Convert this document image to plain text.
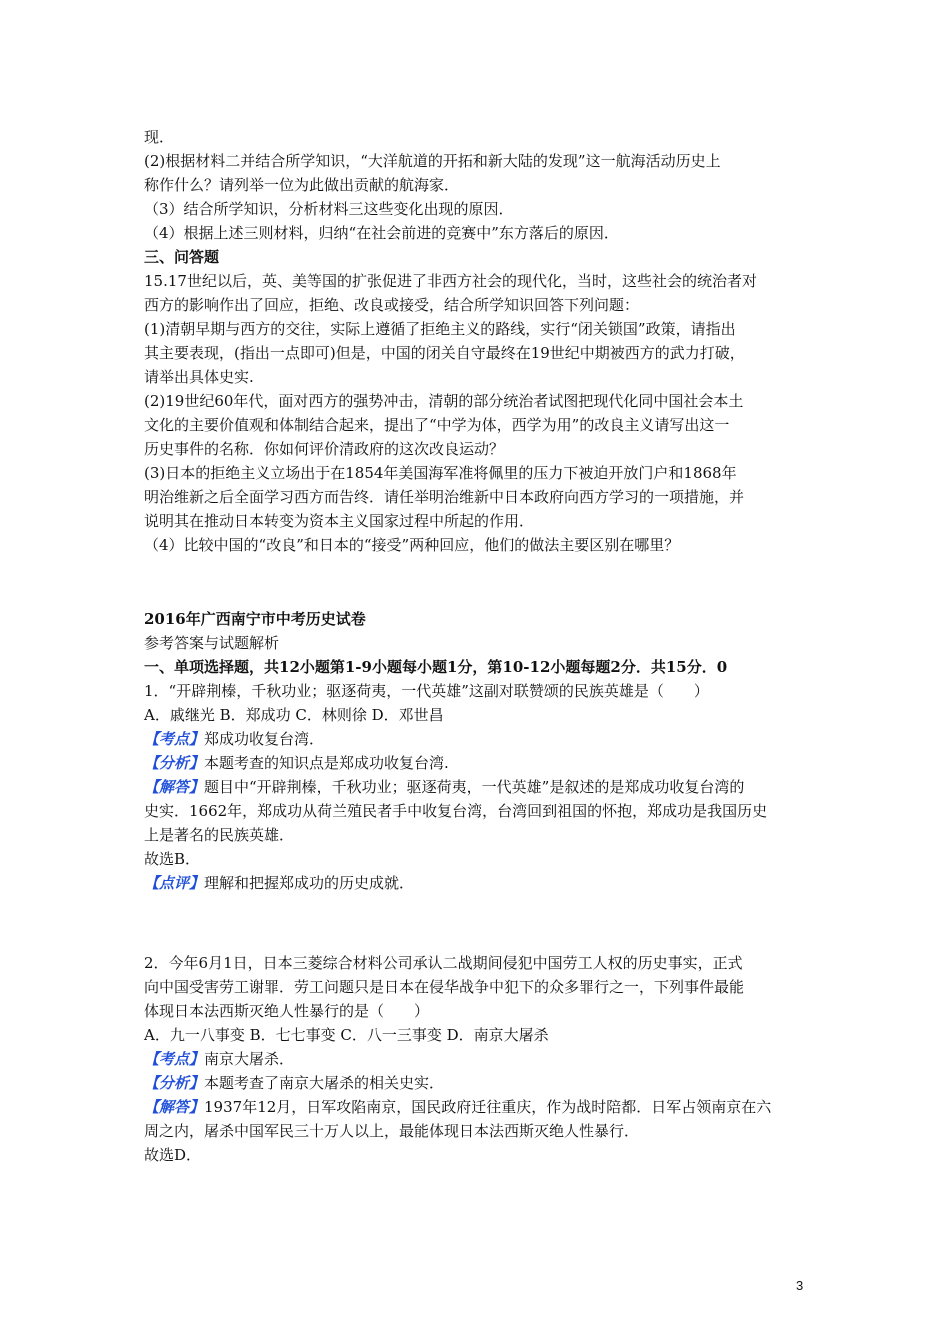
现．
(2)根据材料二并结合所学知识，“大洋航道的开拓和新大陆的发现”这一航海活动历史上
称作什么？请列举一位为此做出贡献的航海家．
（3）结合所学知识，分析材料三这些变化出现的原因．
（4）根据上述三则材料，归纳“在社会前进的竞赛中”东方落后的原因．
三、问答题
15.17世纪以后，英、美等国的扩张促进了非西方社会的现代化，当时，这些社会的统治者对
西方的影响作出了回应，拒绝、改良或接受，结合所学知识回答下列问题：
(1)清朝早期与西方的交往，实际上遵循了拒绝主义的路线，实行“闭关锁国”政策，请指出
其主要表现，(指出一点即可)但是，中国的闭关自守最终在19世纪中期被西方的武力打破，
请举出具体史实.
(2)19世纪60年代，面对西方的强势冲击，清朝的部分统治者试图把现代化同中国社会本土
文化的主要价值观和体制结合起来，提出了“中学为体，西学为用”的改良主义请写出这一
历史事件的名称．你如何评价清政府的这次改良运动？
(3)日本的拒绝主义立场出于在1854年美国海军准将佩里的压力下被迫开放门户和1868年
明治维新之后全面学习西方而告终．请任举明治维新中日本政府向西方学习的一项措施，并
说明其在推动日本转变为资本主义国家过程中所起的作用．
（4）比较中国的“改良”和日本的“接受”两种回应，他们的做法主要区别在哪里？
2016年广西南宁市中考历史试卷
参考答案与试题解析
一、单项选择题，共12小题第1-9小题每小题1分，第10-12小题每题2分．共15分．0
1．“开辟荆榛，千秋功业；驱逐荷夷，一代英雄”这副对联赞颂的民族英雄是（　　）
A．戚继光 B．郑成功 C．林则徐 D．邓世昌
【考点】郑成功收复台湾．
【分析】本题考查的知识点是郑成功收复台湾.
【解答】题目中“开辟荆榛，千秋功业；驱逐荷夷，一代英雄”是叙述的是郑成功收复台湾的
史实．1662年，郑成功从荷兰殖民者手中收复台湾，台湾回到祖国的怀抱，郑成功是我国历史
上是著名的民族英雄．
故选B．
【点评】理解和把握郑成功的历史成就．
2．今年6月1日，日本三菱综合材料公司承认二战期间侵犯中国劳工人权的历史事实，正式
向中国受害劳工谢罪．劳工问题只是日本在侵华战争中犯下的众多罪行之一，下列事件最能
体现日本法西斯灭绝人性暴行的是（　　）
A．九一八事变 B．七七事变 C．八一三事变 D．南京大屠杀
【考点】南京大屠杀．
【分析】本题考查了南京大屠杀的相关史实．
【解答】1937年12月，日军攻陷南京，国民政府迁往重庆，作为战时陪都．日军占领南京在六
周之内，屠杀中国军民三十万人以上，最能体现日本法西斯灭绝人性暴行．
故选D．
3
